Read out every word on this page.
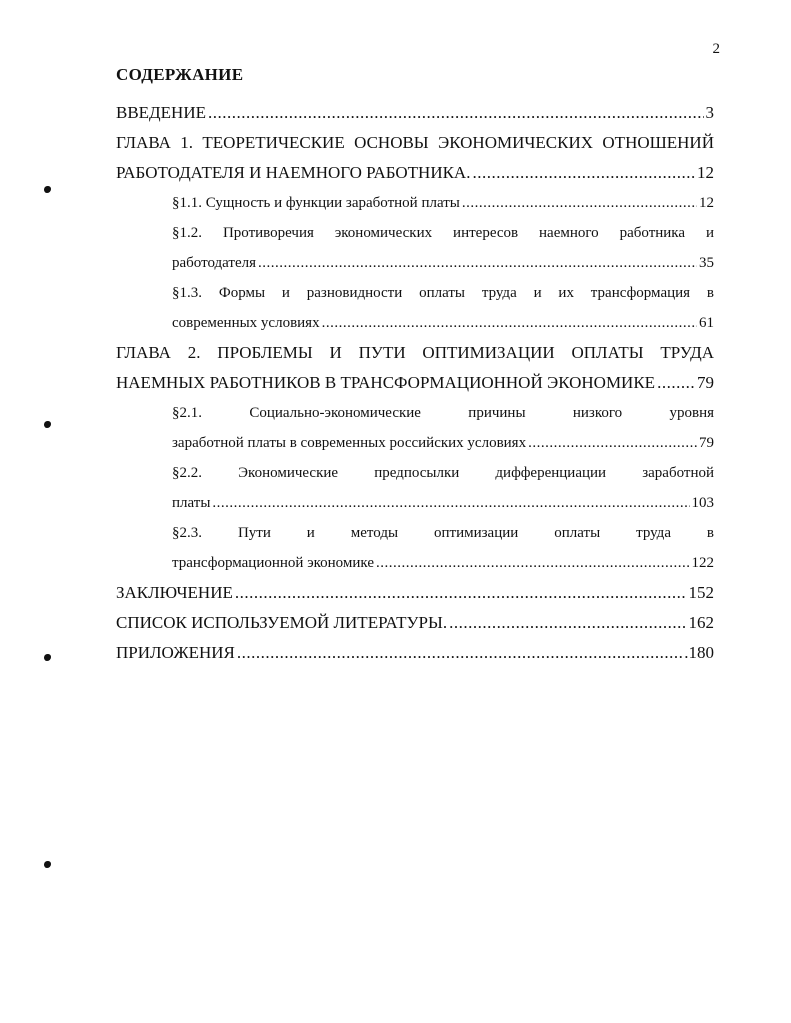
2
СОДЕРЖАНИЕ
ВВЕДЕНИЕ .....	3
ГЛАВА 1. ТЕОРЕТИЧЕСКИЕ ОСНОВЫ ЭКОНОМИЧЕСКИХ ОТНОШЕНИЙ
РАБОТОДАТЕЛЯ И НАЕМНОГО РАБОТНИКА. .....	12
§1.1. Сущность и функции заработной платы .....	12
§1.2. Противоречия экономических интересов наемного работника и
работодателя .....	35
§1.3. Формы и разновидности оплаты труда и их трансформация в
современных условиях .....	61
ГЛАВА 2. ПРОБЛЕМЫ И ПУТИ ОПТИМИЗАЦИИ ОПЛАТЫ ТРУДА
НАЕМНЫХ РАБОТНИКОВ В ТРАНСФОРМАЦИОННОЙ ЭКОНОМИКЕ ..... 79
§2.1. Социально-экономические причины низкого уровня
заработной платы в современных российских условиях .....	79
§2.2. Экономические предпосылки дифференциации заработной
платы .....	103
§2.3. Пути и методы оптимизации оплаты труда в
трансформационной экономике .....	122
ЗАКЛЮЧЕНИЕ .....	152
СПИСОК ИСПОЛЬЗУЕМОЙ ЛИТЕРАТУРЫ. .....	162
ПРИЛОЖЕНИЯ .....	.180
